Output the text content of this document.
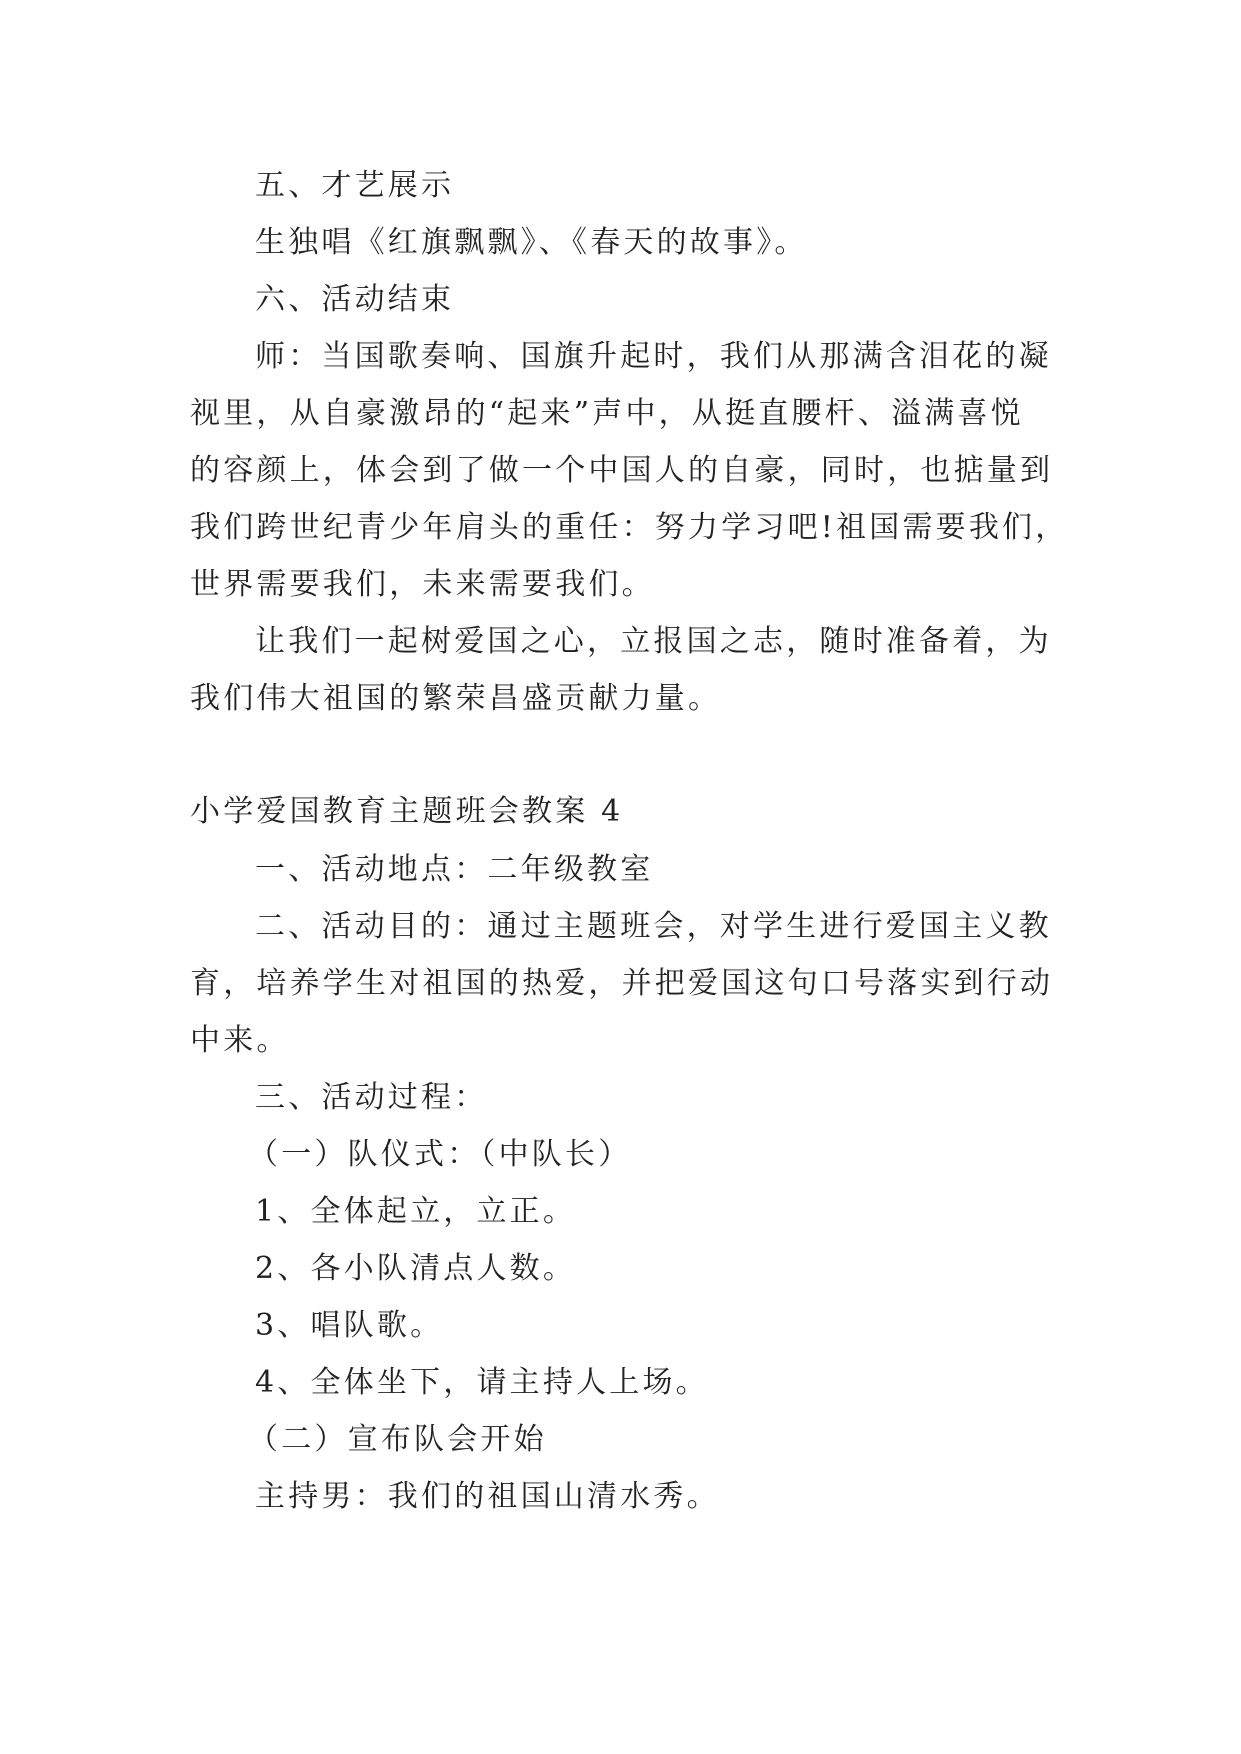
五、才艺展示
生独唱《红旗飘飘》、《春天的故事》。
六、活动结束
师：当国歌奏响、国旗升起时，我们从那满含泪花的凝
视里，从自豪激昂的“起来”声中，从挺直腰杆、溢满喜悦
的容颜上，体会到了做一个中国人的自豪，同时，也掂量到
我们跨世纪青少年肩头的重任：努力学习吧!祖国需要我们，
世界需要我们，未来需要我们。
让我们一起树爱国之心，立报国之志，随时准备着，为
我们伟大祖国的繁荣昌盛贡献力量。
小学爱国教育主题班会教案 4
一、活动地点：二年级教室
二、活动目的：通过主题班会，对学生进行爱国主义教
育，培养学生对祖国的热爱，并把爱国这句口号落实到行动
中来。
三、活动过程：
（一）队仪式：（中队长）
1、全体起立，立正。
2、各小队清点人数。
3、唱队歌。
4、全体坐下，请主持人上场。
（二）宣布队会开始
主持男：我们的祖国山清水秀。
